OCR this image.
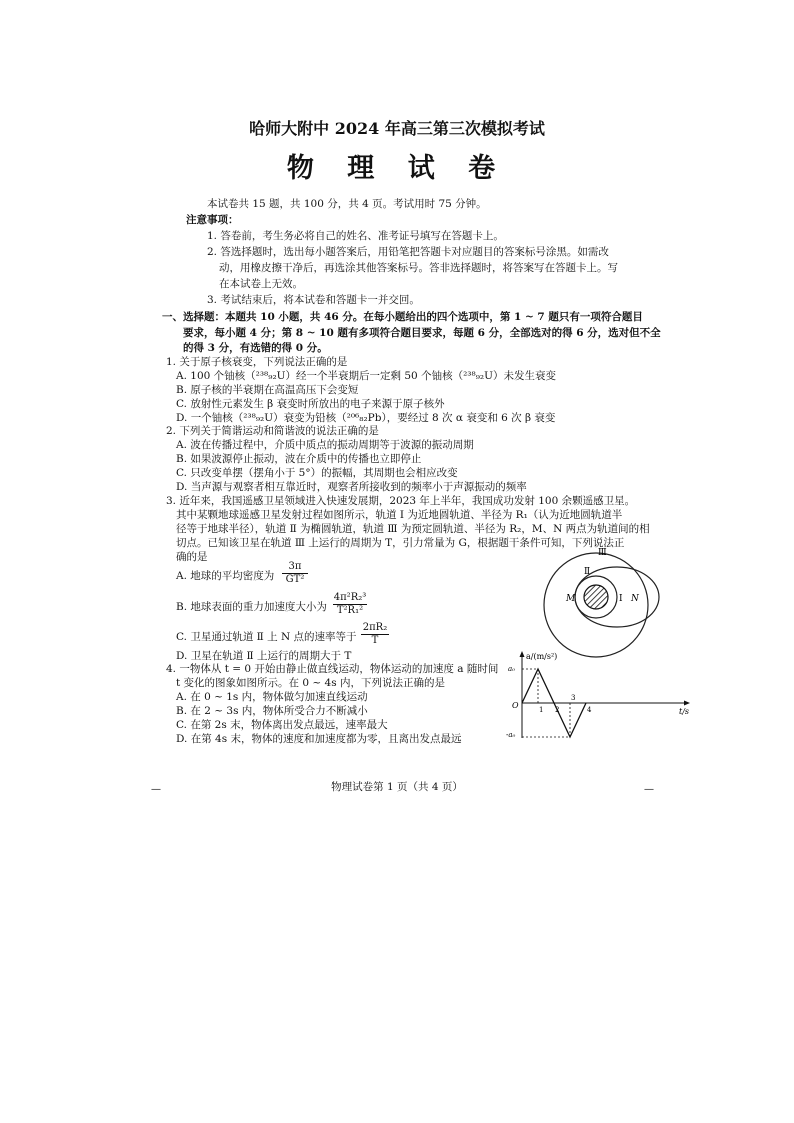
哈师大附中 2024 年高三第三次模拟考试
物 理 试 卷
本试卷共 15 题，共 100 分，共 4 页。考试用时 75 分钟。
注意事项：
1. 答卷前，考生务必将自己的姓名、准考证号填写在答题卡上。
2. 答选择题时，选出每小题答案后，用铅笔把答题卡对应题目的答案标号涂黑。如需改
动，用橡皮擦干净后，再选涂其他答案标号。答非选择题时，将答案写在答题卡上。写
在本试卷上无效。
3. 考试结束后，将本试卷和答题卡一并交回。
一、选择题：本题共 10 小题，共 46 分。在每小题给出的四个选项中，第 1 ~ 7 题只有一项符合题目
要求，每小题 4 分；第 8 ~ 10 题有多项符合题目要求，每题 6 分，全部选对的得 6 分，选对但不全
的得 3 分，有选错的得 0 分。
1. 关于原子核衰变，下列说法正确的是
A. 100 个铀核（²³⁸₉₂U）经一个半衰期后一定剩 50 个铀核（²³⁸₉₂U）未发生衰变
B. 原子核的半衰期在高温高压下会变短
C. 放射性元素发生 β 衰变时所放出的电子来源于原子核外
D. 一个铀核（²³⁸₉₂U）衰变为铅核（²⁰⁶₈₂Pb），要经过 8 次 α 衰变和 6 次 β 衰变
2. 下列关于简谐运动和简谐波的说法正确的是
A. 波在传播过程中，介质中质点的振动周期等于波源的振动周期
B. 如果波源停止振动，波在介质中的传播也立即停止
C. 只改变单摆（摆角小于 5°）的振幅，其周期也会相应改变
D. 当声源与观察者相互靠近时，观察者所接收到的频率小于声源振动的频率
3. 近年来，我国遥感卫星领域进入快速发展期，2023 年上半年，我国成功发射 100 余颗遥感卫星。
其中某颗地球遥感卫星发射过程如图所示，轨道 Ⅰ 为近地圆轨道、半径为 R₁（认为近地圆轨道半
径等于地球半径），轨道 Ⅱ 为椭圆轨道，轨道 Ⅲ 为预定圆轨道、半径为 R₂，M、N 两点为轨道间的相
切点。已知该卫星在轨道 Ⅲ 上运行的周期为 T，引力常量为 G，根据题干条件可知，下列说法正
确的是
A. 地球的平均密度为 $\frac{3\pi}{\text{GT²}}$
B. 地球表面的重力加速度大小为 $\frac{\text{4π²R₂³}}{\text{T²R₁²}}$
C. 卫星通过轨道 Ⅱ 上 N 点的速率等于 $\frac{\text{2πR₂}}{T}$
D. 卫星在轨道 Ⅱ 上运行的周期大于 T
Ⅲ
Ⅱ
Ⅰ
M	N
4. 一物体从 t = 0 开始由静止做直线运动，物体运动的加速度 a 随时间
t 变化的图象如图所示。在 0 ~ 4s 内，下列说法正确的是
A. 在 0 ~ 1s 内，物体做匀加速直线运动
B. 在 2 ~ 3s 内，物体所受合力不断减小
C. 在第 2s 末，物体离出发点最远，速率最大
D. 在第 4s 末，物体的速度和加速度都为零，且离出发点最远
a/(m/s²)
t/s
O
a₀
-a₀
1 2
3
4
物理试卷第 1 页（共 4 页）
—	—
